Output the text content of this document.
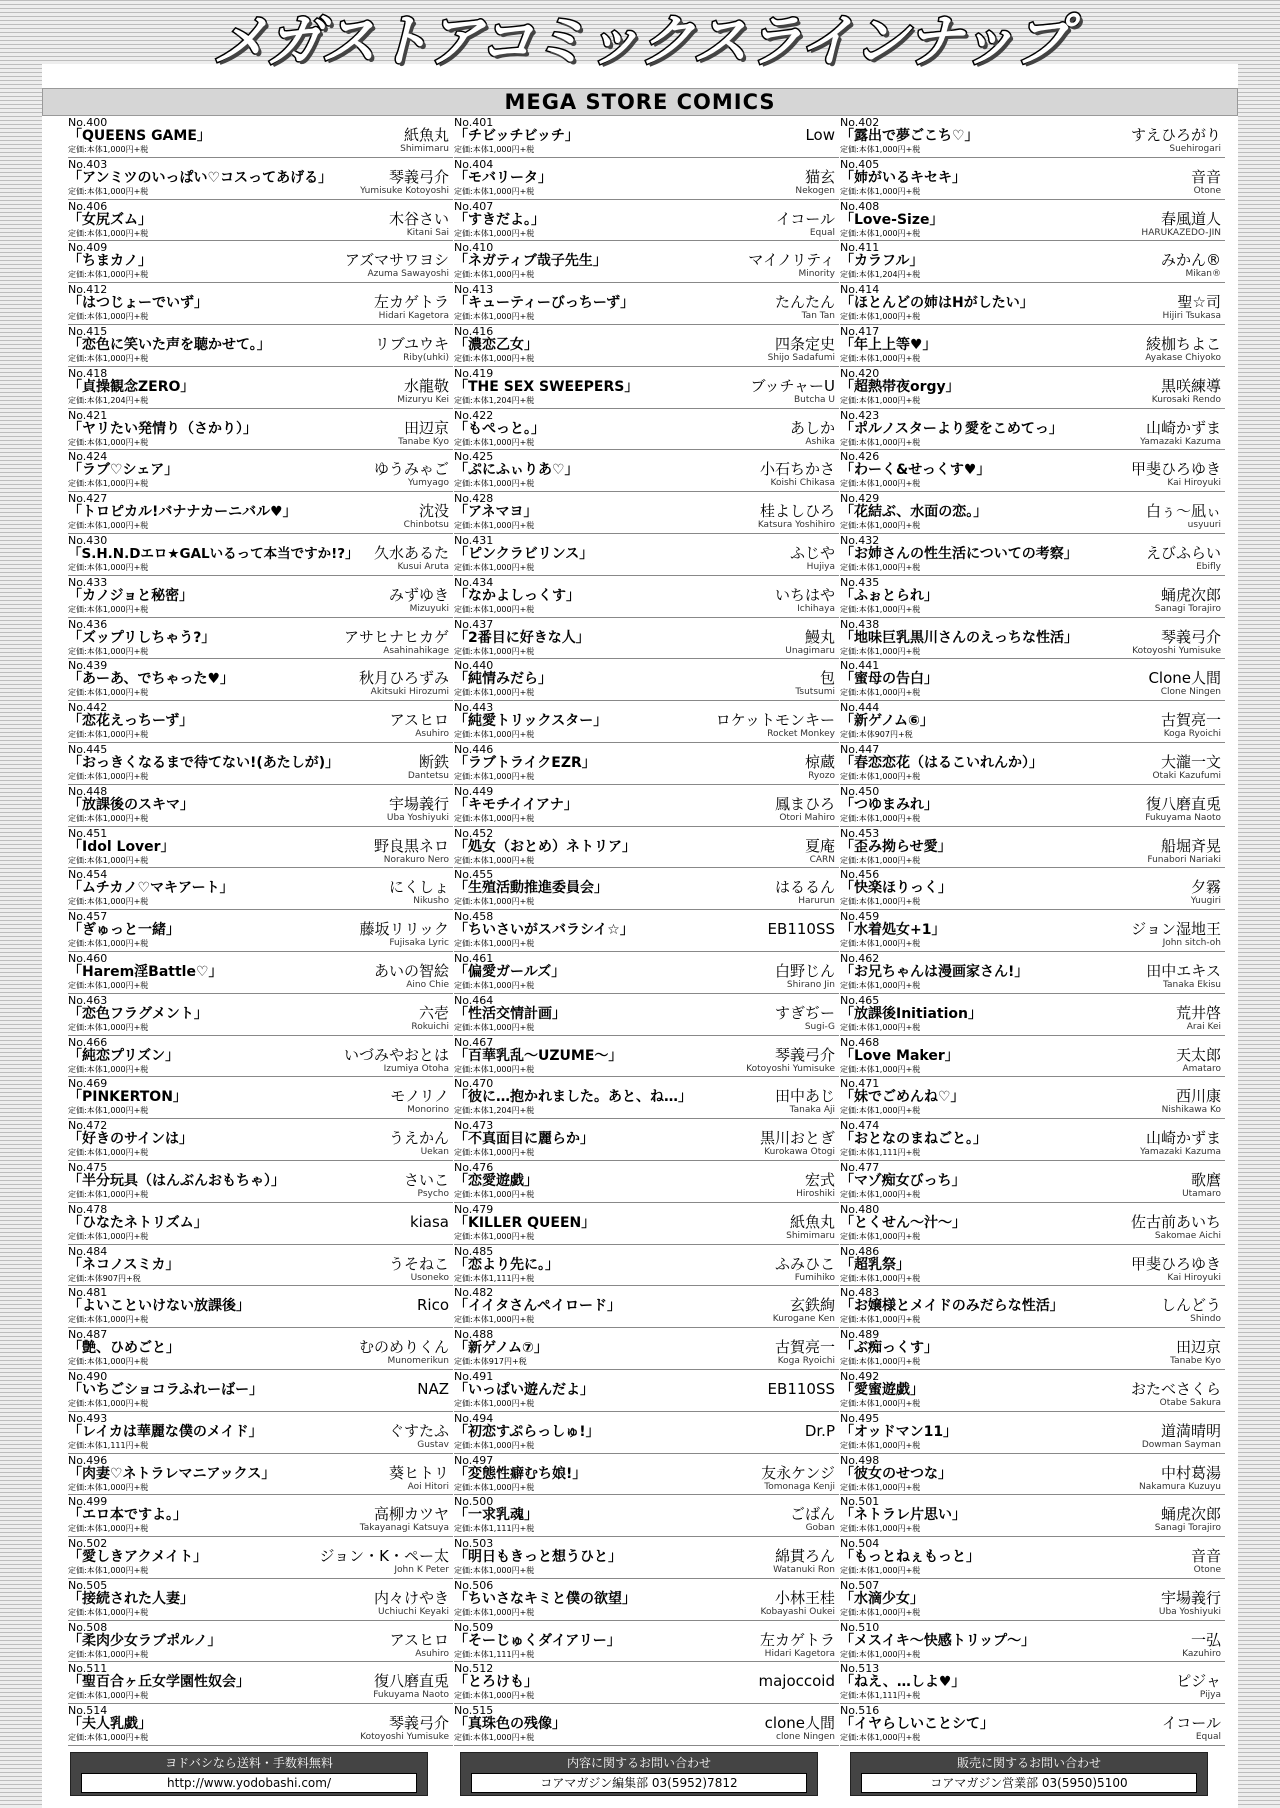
メガストアコミックスラインナップ
MEGA STORE COMICS
No.400
「QUEENS GAME」
定価:本体1,000円+税
紙魚丸
Shimimaru
No.403
「アンミツのいっぱい♡コスってあげる」
定価:本体1,000円+税
琴義弓介
Yumisuke Kotoyoshi
No.406
「女尻ズム」
定価:本体1,000円+税
木谷さい
Kitani Sai
No.409
「ちまカノ」
定価:本体1,000円+税
アズマサワヨシ
Azuma Sawayoshi
No.412
「はつじょーでいず」
定価:本体1,000円+税
左カゲトラ
Hidari Kagetora
No.415
「恋色に笑いた声を聴かせて。」
定価:本体1,000円+税
リブユウキ
Riby(uhki)
No.418
「貞操観念ZERO」
定価:本体1,204円+税
水龍敬
Mizuryu Kei
No.421
「ヤリたい発情り（さかり）」
定価:本体1,000円+税
田辺京
Tanabe Kyo
No.424
「ラブ♡シェア」
定価:本体1,000円+税
ゆうみゃご
Yumyago
No.427
「トロピカル!バナナカーニバル♥」
定価:本体1,000円+税
沈没
Chinbotsu
No.430
「S.H.N.Dエロ★GALいるって本当ですか!?」
定価:本体1,000円+税
久水あるた
Kusui Aruta
No.433
「カノジョと秘密」
定価:本体1,000円+税
みずゆき
Mizuyuki
No.436
「ズップリしちゃう?」
定価:本体1,000円+税
アサヒナヒカゲ
Asahinahikage
No.439
「あーあ、でちゃった♥」
定価:本体1,000円+税
秋月ひろずみ
Akitsuki Hirozumi
No.442
「恋花えっちーず」
定価:本体1,000円+税
アスヒロ
Asuhiro
No.445
「おっきくなるまで待てない!(あたしが)」
定価:本体1,000円+税
断鉄
Dantetsu
No.448
「放課後のスキマ」
定価:本体1,000円+税
宇場義行
Uba Yoshiyuki
No.451
「Idol Lover」
定価:本体1,000円+税
野良黒ネロ
Norakuro Nero
No.454
「ムチカノ♡マキアート」
定価:本体1,000円+税
にくしょ
Nikusho
No.457
「ぎゅっと一緒」
定価:本体1,000円+税
藤坂リリック
Fujisaka Lyric
No.460
「Harem淫Battle♡」
定価:本体1,000円+税
あいの智絵
Aino Chie
No.463
「恋色フラグメント」
定価:本体1,000円+税
六壱
Rokuichi
No.466
「純恋プリズン」
定価:本体1,000円+税
いづみやおとは
Izumiya Otoha
No.469
「PINKERTON」
定価:本体1,000円+税
モノリノ
Monorino
No.472
「好きのサインは」
定価:本体1,000円+税
うえかん
Uekan
No.475
「半分玩具（はんぶんおもちゃ）」
定価:本体1,000円+税
さいこ
Psycho
No.478
「ひなたネトリズム」
定価:本体1,000円+税
kiasa
No.484
「ネコノスミカ」
定価:本体907円+税
うそねこ
Usoneko
No.481
「よいこといけない放課後」
定価:本体1,000円+税
Rico
No.487
「艶、ひめごと」
定価:本体1,000円+税
むのめりくん
Munomerikun
No.490
「いちごショコラふれーばー」
定価:本体1,000円+税
NAZ
No.493
「レイカは華麗な僕のメイド」
定価:本体1,111円+税
ぐすたふ
Gustav
No.496
「肉妻♡ネトラレマニアックス」
定価:本体1,000円+税
葵ヒトリ
Aoi Hitori
No.499
「エロ本ですよ。」
定価:本体1,000円+税
高柳カツヤ
Takayanagi Katsuya
No.502
「愛しきアクメイト」
定価:本体1,000円+税
ジョン・K・ペー太
John K Peter
No.505
「接続された人妻」
定価:本体1,000円+税
内々けやき
Uchiuchi Keyaki
No.508
「柔肉少女ラブポルノ」
定価:本体1,000円+税
アスヒロ
Asuhiro
No.511
「聖百合ヶ丘女学園性奴会」
定価:本体1,000円+税
復八磨直兎
Fukuyama Naoto
No.514
「夫人乳戯」
定価:本体1,000円+税
琴義弓介
Kotoyoshi Yumisuke
No.401
「チビッチビッチ」
定価:本体1,000円+税
Low
No.404
「モバリータ」
定価:本体1,000円+税
猫玄
Nekogen
No.407
「すきだよ。」
定価:本体1,000円+税
イコール
Equal
No.410
「ネガティブ哉子先生」
定価:本体1,000円+税
マイノリティ
Minority
No.413
「キューティーびっちーず」
定価:本体1,000円+税
たんたん
Tan Tan
No.416
「濃恋乙女」
定価:本体1,000円+税
四条定史
Shijo Sadafumi
No.419
「THE SEX SWEEPERS」
定価:本体1,204円+税
ブッチャーU
Butcha U
No.422
「もぺっと。」
定価:本体1,000円+税
あしか
Ashika
No.425
「ぷにふぃりあ♡」
定価:本体1,000円+税
小石ちかさ
Koishi Chikasa
No.428
「アネマヨ」
定価:本体1,000円+税
桂よしひろ
Katsura Yoshihiro
No.431
「ピンクラビリンス」
定価:本体1,000円+税
ふじや
Hujiya
No.434
「なかよしっくす」
定価:本体1,000円+税
いちはや
Ichihaya
No.437
「2番目に好きな人」
定価:本体1,000円+税
鰻丸
Unagimaru
No.440
「純情みだら」
定価:本体1,000円+税
包
Tsutsumi
No.443
「純愛トリックスター」
定価:本体1,000円+税
ロケットモンキー
Rocket Monkey
No.446
「ラブトライクEZR」
定価:本体1,000円+税
椋蔵
Ryozo
No.449
「キモチイイアナ」
定価:本体1,000円+税
鳳まひろ
Otori Mahiro
No.452
「処女（おとめ）ネトリア」
定価:本体1,000円+税
夏庵
CARN
No.455
「生殖活動推進委員会」
定価:本体1,000円+税
はるるん
Harurun
No.458
「ちいさいがスバラシイ☆」
定価:本体1,000円+税
EB110SS
No.461
「偏愛ガールズ」
定価:本体1,000円+税
白野じん
Shirano Jin
No.464
「性活交情計画」
定価:本体1,000円+税
すぎぢー
Sugi-G
No.467
「百華乳乱～UZUME～」
定価:本体1,000円+税
琴義弓介
Kotoyoshi Yumisuke
No.470
「彼に…抱かれました。あと、ね…」
定価:本体1,204円+税
田中あじ
Tanaka Aji
No.473
「不真面目に麗らか」
定価:本体1,000円+税
黒川おとぎ
Kurokawa Otogi
No.476
「恋愛遊戯」
定価:本体1,000円+税
宏式
Hiroshiki
No.479
「KILLER QUEEN」
定価:本体1,000円+税
紙魚丸
Shimimaru
No.485
「恋より先に。」
定価:本体1,111円+税
ふみひこ
Fumihiko
No.482
「イイタさんペイロード」
定価:本体1,000円+税
玄鉄絢
Kurogane Ken
No.488
「新ゲノム⑦」
定価:本体917円+税
古賀亮一
Koga Ryoichi
No.491
「いっぱい遊んだよ」
定価:本体1,000円+税
EB110SS
No.494
「初恋すぷらっしゅ!」
定価:本体1,000円+税
Dr.P
No.497
「変態性癖むち娘!」
定価:本体1,000円+税
友永ケンジ
Tomonaga Kenji
No.500
「一求乳魂」
定価:本体1,111円+税
ごばん
Goban
No.503
「明日もきっと想うひと」
定価:本体1,000円+税
綿貫ろん
Watanuki Ron
No.506
「ちいさなキミと僕の欲望」
定価:本体1,000円+税
小林王桂
Kobayashi Oukei
No.509
「そーじゅくダイアリー」
定価:本体1,111円+税
左カゲトラ
Hidari Kagetora
No.512
「とろけも」
定価:本体1,000円+税
majoccoid
No.515
「真珠色の残像」
定価:本体1,000円+税
clone人間
clone Ningen
No.402
「露出で夢ごこち♡」
定価:本体1,000円+税
すえひろがり
Suehirogari
No.405
「姉がいるキセキ」
定価:本体1,000円+税
音音
Otone
No.408
「Love-Size」
定価:本体1,000円+税
春風道人
HARUKAZEDO-JIN
No.411
「カラフル」
定価:本体1,204円+税
みかん®
Mikan®
No.414
「ほとんどの姉はHがしたい」
定価:本体1,000円+税
聖☆司
Hijiri Tsukasa
No.417
「年上上等♥」
定価:本体1,000円+税
綾枷ちよこ
Ayakase Chiyoko
No.420
「超熱帯夜orgy」
定価:本体1,000円+税
黒咲練導
Kurosaki Rendo
No.423
「ポルノスターより愛をこめてっ」
定価:本体1,000円+税
山崎かずま
Yamazaki Kazuma
No.426
「わーく&せっくす♥」
定価:本体1,000円+税
甲斐ひろゆき
Kai Hiroyuki
No.429
「花結ぶ、水面の恋。」
定価:本体1,000円+税
白ぅ～凪ぃ
usyuuri
No.432
「お姉さんの性生活についての考察」
定価:本体1,000円+税
えびふらい
Ebifly
No.435
「ふぉとられ」
定価:本体1,000円+税
蛹虎次郎
Sanagi Torajiro
No.438
「地味巨乳黒川さんのえっちな性活」
定価:本体1,000円+税
琴義弓介
Kotoyoshi Yumisuke
No.441
「蜜母の告白」
定価:本体1,000円+税
Clone人間
Clone Ningen
No.444
「新ゲノム⑥」
定価:本体907円+税
古賀亮一
Koga Ryoichi
No.447
「春恋恋花（はるこいれんか）」
定価:本体1,000円+税
大瀧一文
Otaki Kazufumi
No.450
「つゆまみれ」
定価:本体1,000円+税
復八磨直兎
Fukuyama Naoto
No.453
「歪み拗らせ愛」
定価:本体1,000円+税
船堀斉晃
Funabori Nariaki
No.456
「快楽ほりっく」
定価:本体1,000円+税
夕霧
Yuugiri
No.459
「水着処女+1」
定価:本体1,000円+税
ジョン湿地王
John sitch-oh
No.462
「お兄ちゃんは漫画家さん!」
定価:本体1,000円+税
田中エキス
Tanaka Ekisu
No.465
「放課後Initiation」
定価:本体1,000円+税
荒井啓
Arai Kei
No.468
「Love Maker」
定価:本体1,000円+税
天太郎
Amataro
No.471
「妹でごめんね♡」
定価:本体1,000円+税
西川康
Nishikawa Ko
No.474
「おとなのまねごと。」
定価:本体1,111円+税
山崎かずま
Yamazaki Kazuma
No.477
「マゾ痴女びっち」
定価:本体1,000円+税
歌麿
Utamaro
No.480
「とくせん～汁～」
定価:本体1,000円+税
佐古前あいち
Sakomae Aichi
No.486
「超乳祭」
定価:本体1,000円+税
甲斐ひろゆき
Kai Hiroyuki
No.483
「お嬢様とメイドのみだらな性活」
定価:本体1,000円+税
しんどう
Shindo
No.489
「ぶ痴っくす」
定価:本体1,000円+税
田辺京
Tanabe Kyo
No.492
「愛蜜遊戯」
定価:本体1,000円+税
おたべさくら
Otabe Sakura
No.495
「オッドマン11」
定価:本体1,000円+税
道満晴明
Dowman Sayman
No.498
「彼女のせつな」
定価:本体1,000円+税
中村葛湯
Nakamura Kuzuyu
No.501
「ネトラレ片思い」
定価:本体1,000円+税
蛹虎次郎
Sanagi Torajiro
No.504
「もっとねぇもっと」
定価:本体1,000円+税
音音
Otone
No.507
「水滴少女」
定価:本体1,000円+税
宇場義行
Uba Yoshiyuki
No.510
「メスイキ～快感トリップ～」
定価:本体1,000円+税
一弘
Kazuhiro
No.513
「ねえ、…しよ♥」
定価:本体1,111円+税
ピジャ
Pijya
No.516
「イヤらしいことシて」
定価:本体1,000円+税
イコール
Equal
ヨドバシなら送料・手数料無料
http://www.yodobashi.com/
内容に関するお問い合わせ
コアマガジン編集部 03(5952)7812
販売に関するお問い合わせ
コアマガジン営業部 03(5950)5100
